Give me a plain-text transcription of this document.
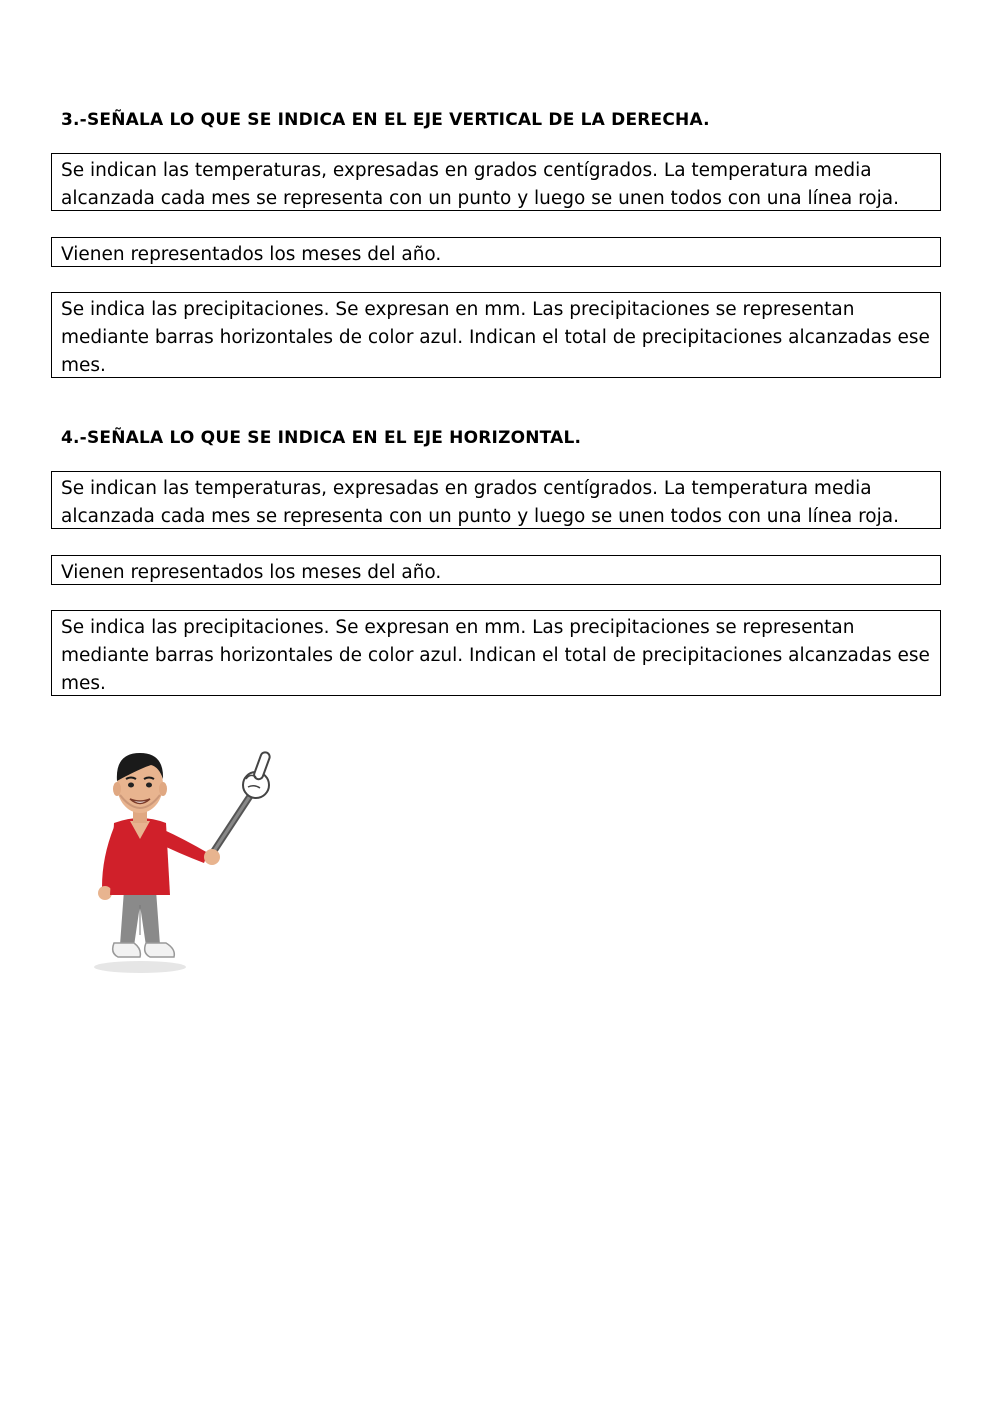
3.-SEÑALA LO QUE SE INDICA EN EL EJE VERTICAL DE LA DERECHA.
Se indican las temperaturas, expresadas en grados centígrados. La temperatura media alcanzada cada mes se representa con un punto y luego se unen todos con una línea roja.
Vienen representados los meses del año.
Se indica las precipitaciones. Se expresan en mm. Las precipitaciones se representan mediante barras horizontales de color azul. Indican el total de precipitaciones alcanzadas ese mes.
4.-SEÑALA LO QUE SE INDICA EN EL EJE HORIZONTAL.
Se indican las temperaturas, expresadas en grados centígrados. La temperatura media alcanzada cada mes se representa con un punto y luego se unen todos con una línea roja.
Vienen representados los meses del año.
Se indica las precipitaciones. Se expresan en mm. Las precipitaciones se representan mediante barras horizontales de color azul. Indican el total de precipitaciones alcanzadas ese mes.
